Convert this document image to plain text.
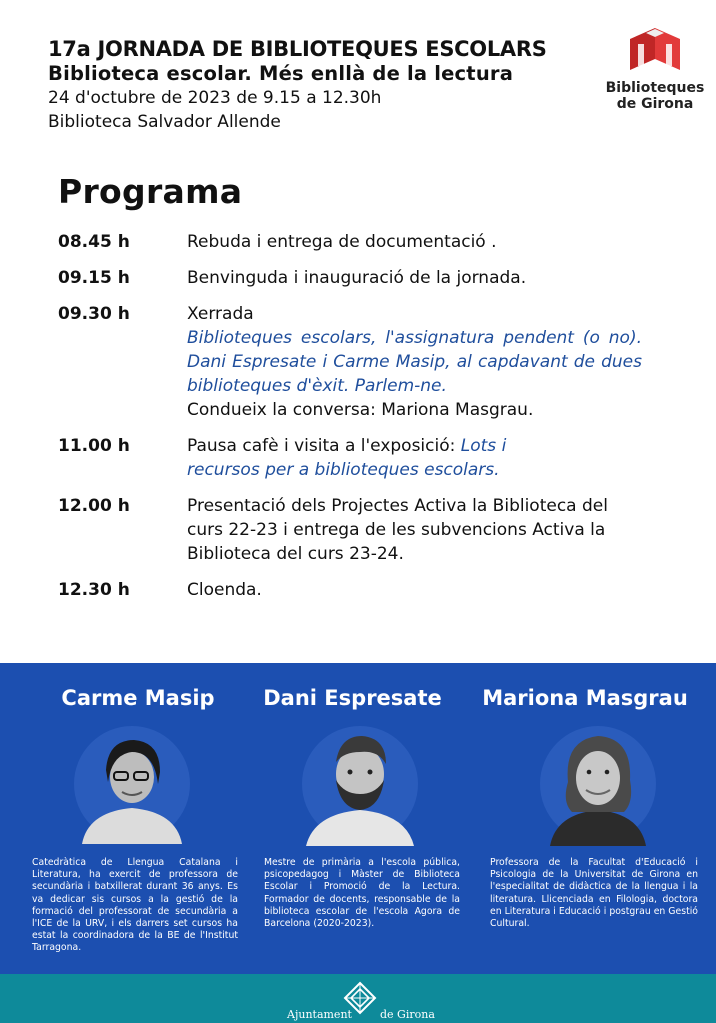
17a JORNADA DE BIBLIOTEQUES ESCOLARS
Biblioteca escolar. Més enllà de la lectura
24 d'octubre de 2023 de 9.15 a 12.30h
Biblioteca Salvador Allende
Biblioteques
de Girona
Programa
08.45 h	Rebuda i entrega de documentació .
09.15 h	Benvinguda i inauguració de la jornada.
09.30 h	Xerrada
Biblioteques escolars, l'assignatura pendent (o no). Dani Espresate i Carme Masip, al capdavant de dues biblioteques d'èxit. Parlem-ne.
Condueix la conversa: Mariona Masgrau.
11.00 h	Pausa cafè i visita a l'exposició: Lots i recursos per a biblioteques escolars.
12.00 h	Presentació dels Projectes Activa la Biblioteca del curs 22-23 i entrega de les subvencions Activa la Biblioteca del curs 23-24.
12.30 h	Cloenda.
Carme Masip	Dani Espresate	Mariona Masgrau
Catedràtica de Llengua Catalana i Literatura, ha exercit de professora de secundària i batxillerat durant 36 anys. Es va dedicar sis cursos a la gestió de la formació del professorat de secundària a l'ICE de la URV, i els darrers set cursos ha estat la coordinadora de la BE de l'Institut Tarragona.
Mestre de primària a l'escola pública, psicopedagog i Màster de Biblioteca Escolar i Promoció de la Lectura. Formador de docents, responsable de la biblioteca escolar de l'escola Agora de Barcelona (2020-2023).
Professora de la Facultat d'Educació i Psicologia de la Universitat de Girona en l'especialitat de didàctica de la llengua i la literatura. Llicenciada en Filologia, doctora en Literatura i Educació i postgrau en Gestió Cultural.
Ajuntament	de Girona
